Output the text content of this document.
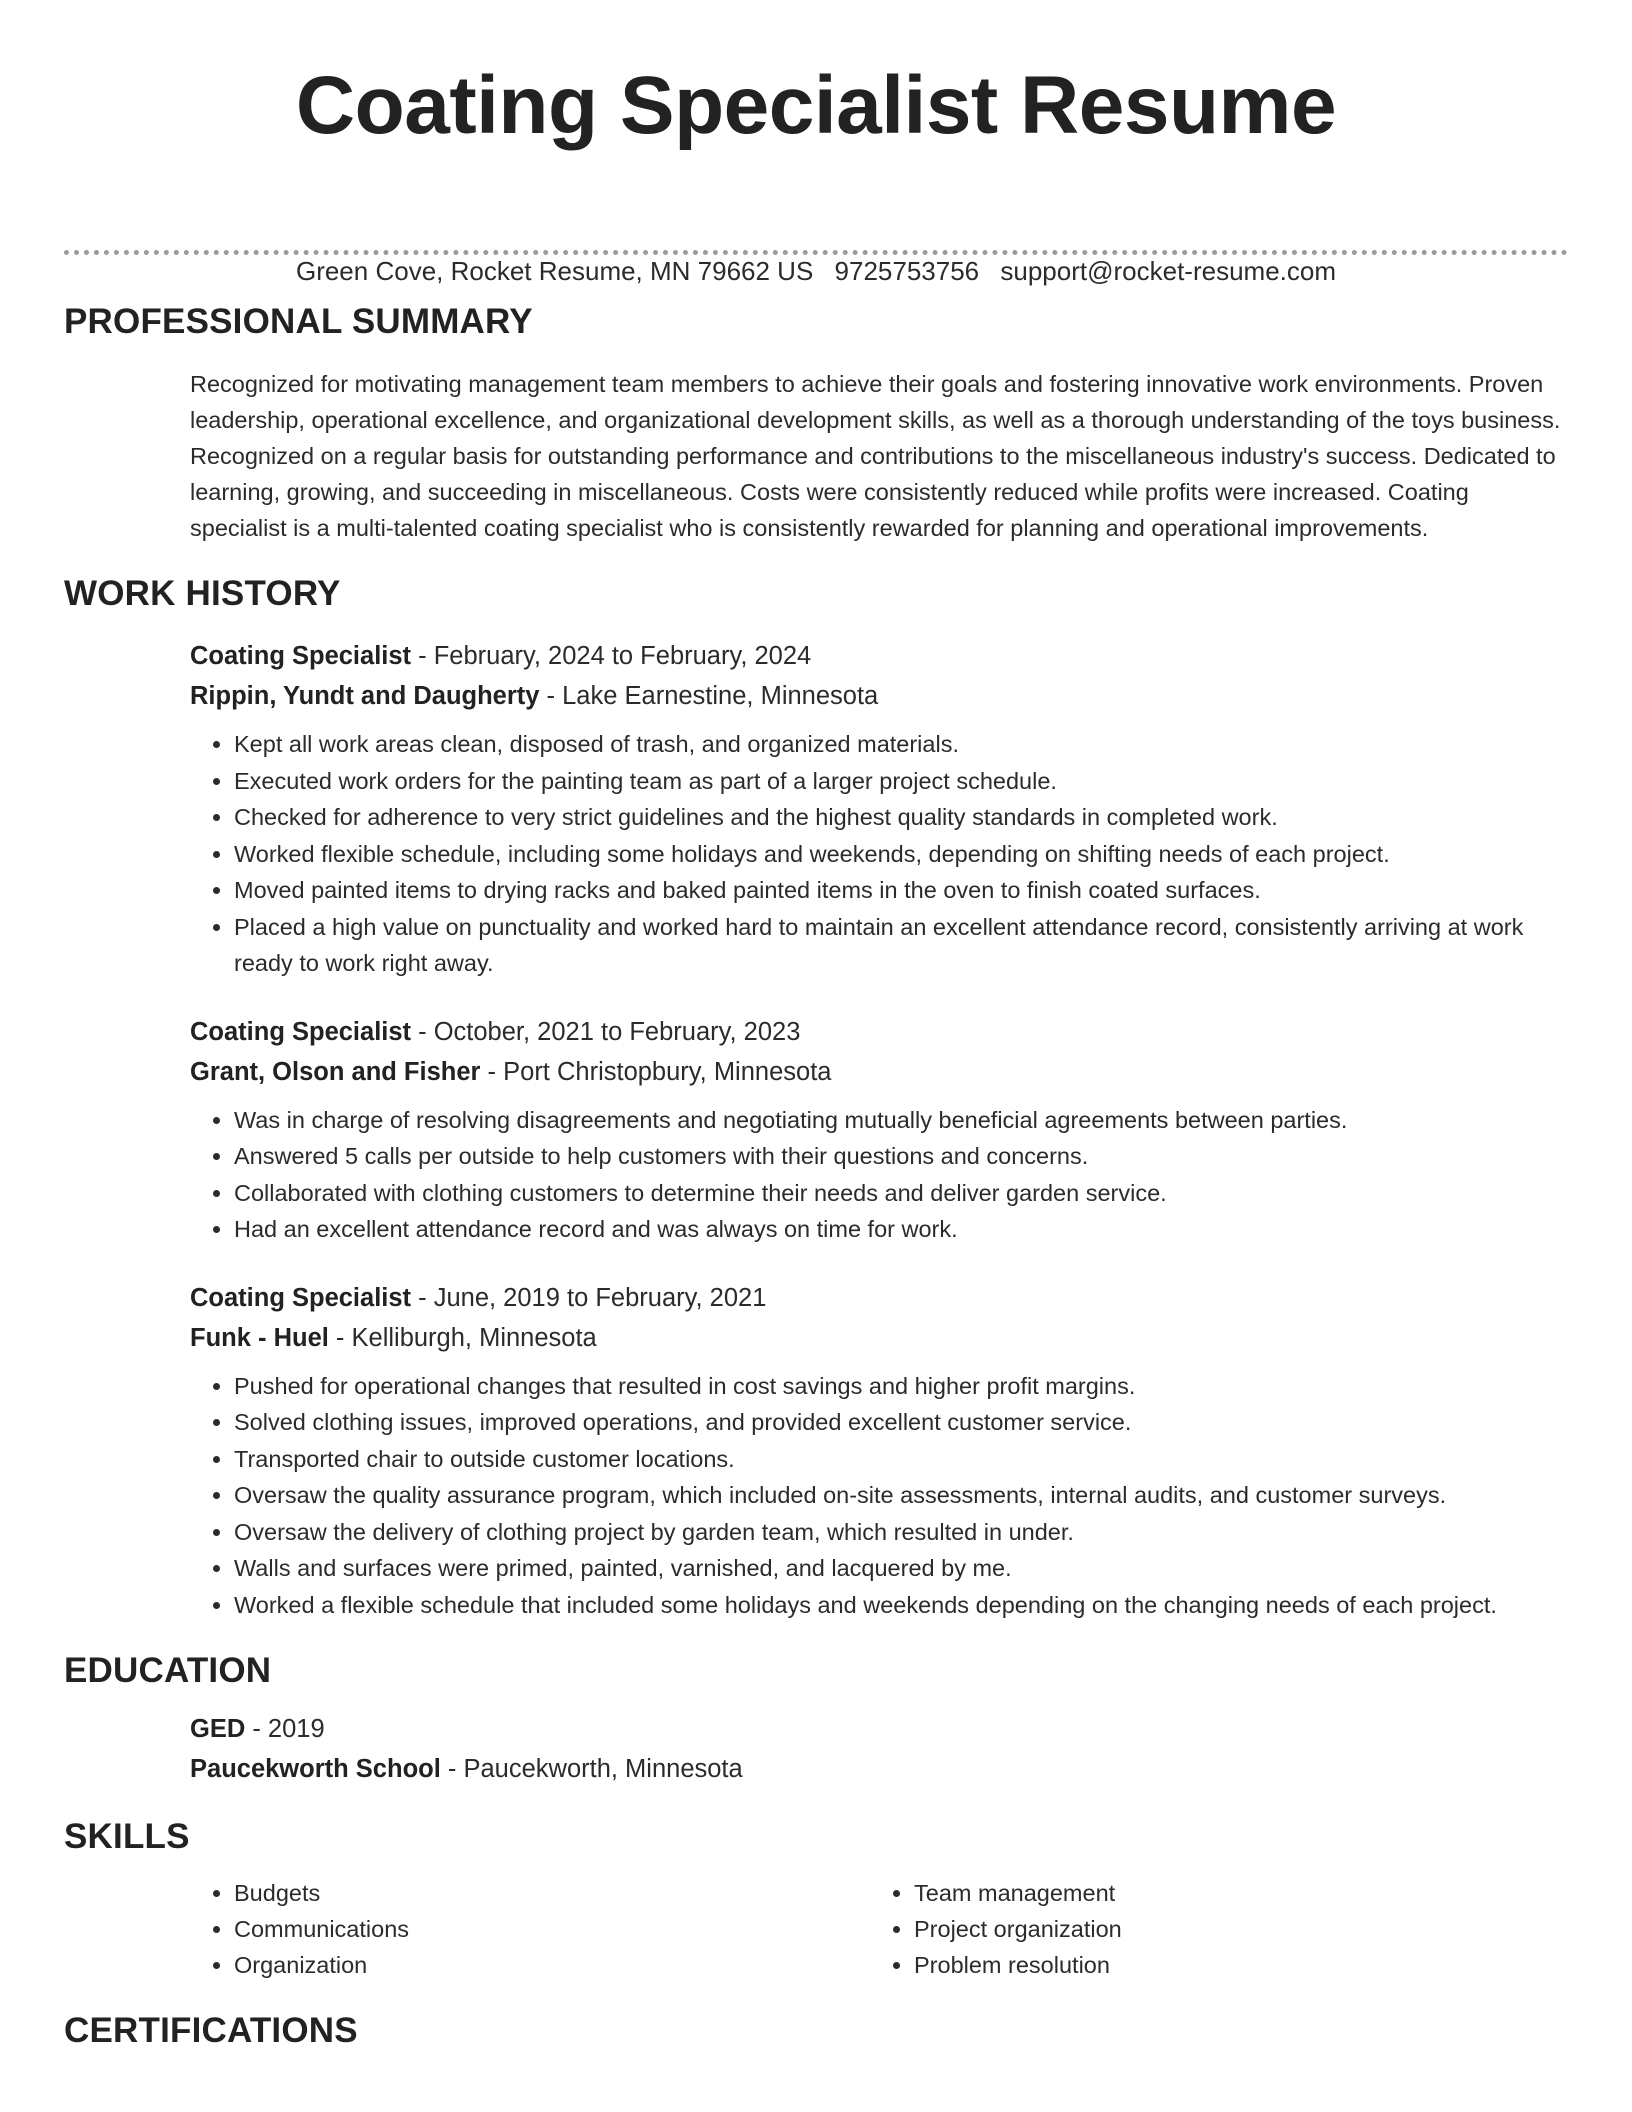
Coating Specialist Resume
Green Cove, Rocket Resume, MN 79662 US 9725753756 support@rocket-resume.com
PROFESSIONAL SUMMARY

Recognized for motivating management team members to achieve their goals and fostering innovative work environments. Proven leadership, operational excellence, and organizational development skills, as well as a thorough understanding of the toys business. Recognized on a regular basis for outstanding performance and contributions to the miscellaneous industry's success. Dedicated to learning, growing, and succeeding in miscellaneous. Costs were consistently reduced while profits were increased. Coating specialist is a multi-talented coating specialist who is consistently rewarded for planning and operational improvements.

WORK HISTORY
Coating Specialist - February, 2024 to February, 2024
Rippin, Yundt and Daugherty - Lake Earnestine, Minnesota
• Kept all work areas clean, disposed of trash, and organized materials.
• Executed work orders for the painting team as part of a larger project schedule.
• Checked for adherence to very strict guidelines and the highest quality standards in completed work.
• Worked flexible schedule, including some holidays and weekends, depending on shifting needs of each project.
• Moved painted items to drying racks and baked painted items in the oven to finish coated surfaces.
• Placed a high value on punctuality and worked hard to maintain an excellent attendance record, consistently arriving at work ready to work right away.
Coating Specialist - October, 2021 to February, 2023
Grant, Olson and Fisher - Port Christopbury, Minnesota
• Was in charge of resolving disagreements and negotiating mutually beneficial agreements between parties.
• Answered 5 calls per outside to help customers with their questions and concerns.
• Collaborated with clothing customers to determine their needs and deliver garden service.
• Had an excellent attendance record and was always on time for work.
Coating Specialist - June, 2019 to February, 2021
Funk - Huel - Kelliburgh, Minnesota
• Pushed for operational changes that resulted in cost savings and higher profit margins.
• Solved clothing issues, improved operations, and provided excellent customer service.
• Transported chair to outside customer locations.
• Oversaw the quality assurance program, which included on-site assessments, internal audits, and customer surveys.
• Oversaw the delivery of clothing project by garden team, which resulted in under.
• Walls and surfaces were primed, painted, varnished, and lacquered by me.
• Worked a flexible schedule that included some holidays and weekends depending on the changing needs of each project.
EDUCATION
GED - 2019
Paucekworth School - Paucekworth, Minnesota
SKILLS
• Budgets
• Communications
• Organization
• Team management
• Project organization
• Problem resolution
CERTIFICATIONS
